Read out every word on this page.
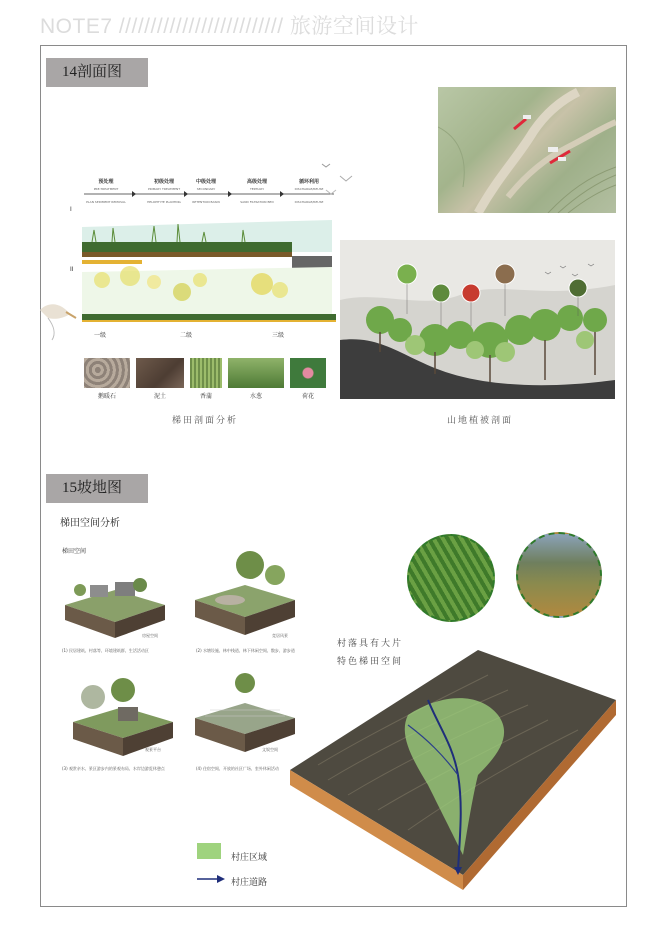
NOTE7 ////////////////////////// 旅游空间设计
14剖面图
预处理
PRE-TREATMENT
PLAN SEDIMENT REMOVAL
初级处理
PRIMARY TREATMENT
HELOPHYTE PLANTING
中级处理
SECONDARY
RETENTION BASIN
高级处理
TERTIARY
SAND FILTRATION BED
循环利用
DISCHARGE/REUSE
DISCHARGE/REUSE
一级	二级	三级
I
II
鹅暖石	泥土	香蒲	水葱	荷花
梯田剖面分析	山地植被剖面
15坡地图
梯田空间分析
梯田空间
房屋空间
(1) 民居建筑、村落等、环境建筑群、生活活动区
竞居风景
(2) 水塘设施、林中栈道、林下休闲空间、散步、游步道
观景平台
(3) 观赏亲水、景区游步内的景观布局、水岸边游览休憩点
文娱空间
(4) 住宿空间、开放的社区广场、室外休闲活动
村落具有大片
特色梯田空间
村庄区域
村庄道路
